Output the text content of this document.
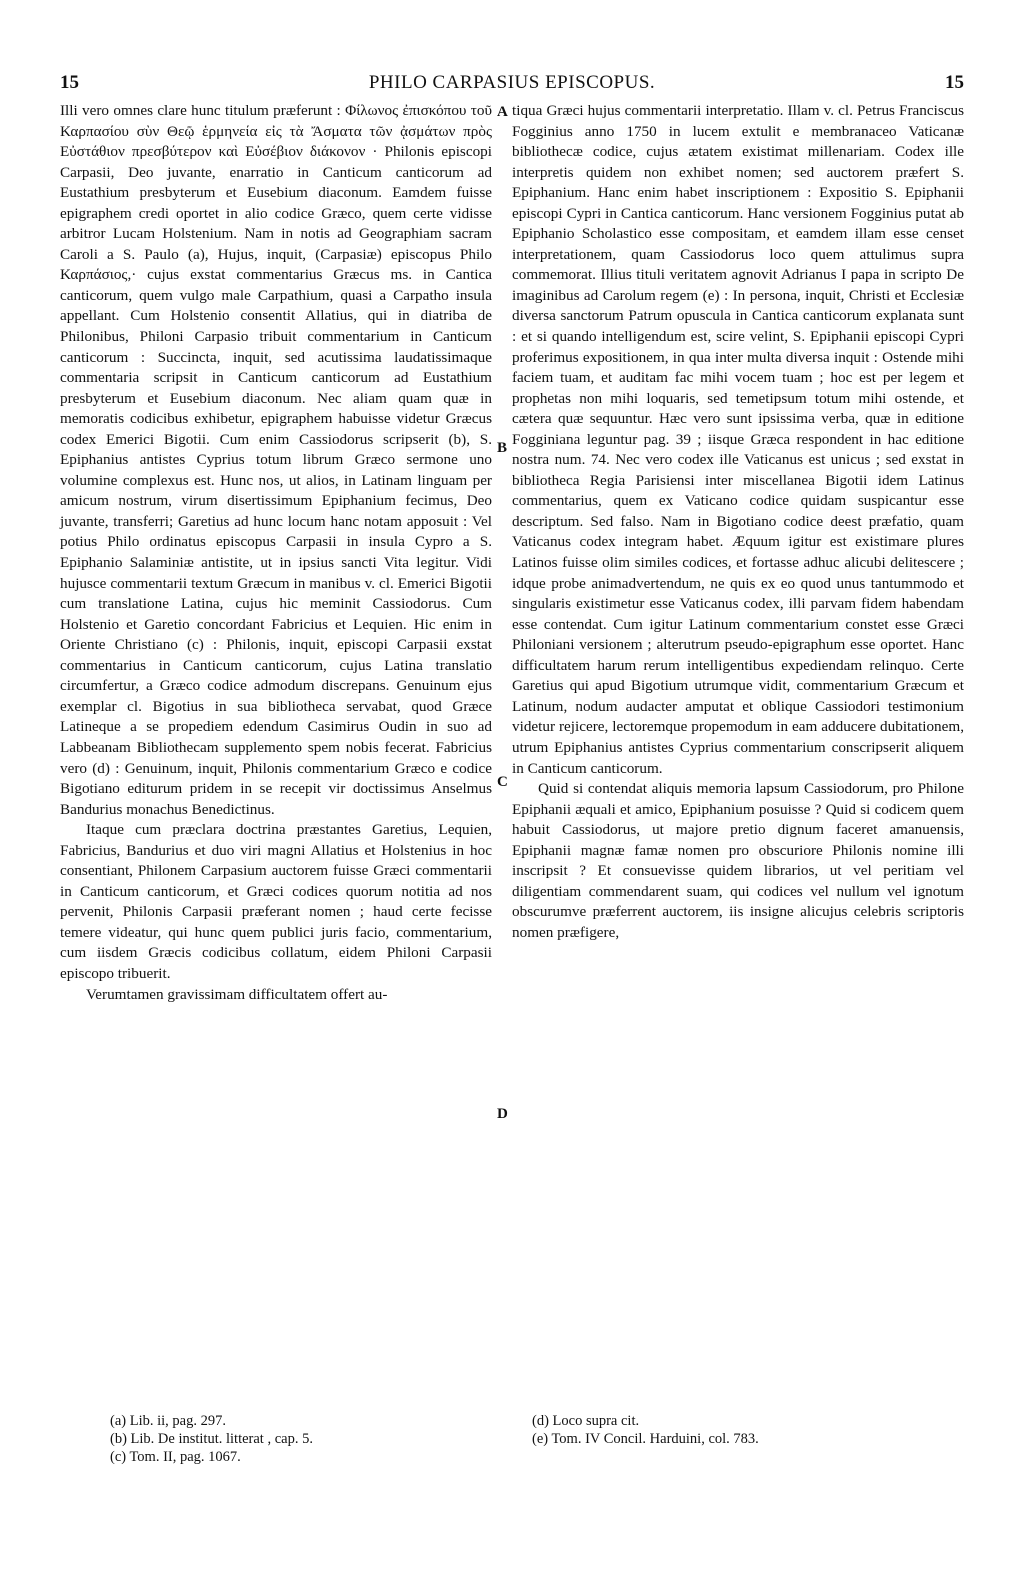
15	PHILO CARPASIUS EPISCOPUS.	15

Illi vero omnes clare hunc titulum præferunt : Φίλωνος ἐπισκόπου τοῦ Καρπασίου σὺν Θεῷ ἑρμηνεία εἰς τὰ Ἄσματα τῶν ᾀσμάτων πρὸς Εὐστάθιον πρεσβύτερον καὶ Εὐσέβιον διάκονον · Philonis episcopi Carpasii, Deo juvante, enarratio in Canticum canticorum ad Eustathium presbyterum et Eusebium diaconum. Eamdem fuisse epigraphem credi oportet in alio codice Græco, quem certe vidisse arbitror Lucam Holstenium. Nam in notis ad Geographiam sacram Caroli a S. Paulo (a), Hujus, inquit, (Carpasiæ) episcopus Philo Καρπάσιος,· cujus exstat commentarius Græcus ms. in Cantica canticorum, quem vulgo male Carpathium, quasi a Carpatho insula appellant. Cum Holstenio consentit Allatius, qui in diatriba de Philonibus, Philoni Carpasio tribuit commentarium in Canticum canticorum : Succincta, inquit, sed acutissima laudatissimaque commentaria scripsit in Canticum canticorum ad Eustathium presbyterum et Eusebium diaconum. Nec aliam quam quæ in memoratis codicibus exhibetur, epigraphem habuisse videtur Græcus codex Emerici Bigotii. Cum enim Cassiodorus scripserit (b), S. Epiphanius antistes Cyprius totum librum Græco sermone uno volumine complexus est. Hunc nos, ut alios, in Latinam linguam per amicum nostrum, virum disertissimum Epiphanium fecimus, Deo juvante, transferri; Garetius ad hunc locum hanc notam apposuit : Vel potius Philo ordinatus episcopus Carpasii in insula Cypro a S. Epiphanio Salaminiæ antistite, ut in ipsius sancti Vita legitur. Vidi hujusce commentarii textum Græcum in manibus v. cl. Emerici Bigotii cum translatione Latina, cujus hic meminit Cassiodorus. Cum Holstenio et Garetio concordant Fabricius et Lequien. Hic enim in Oriente Christiano (c) : Philonis, inquit, episcopi Carpasii exstat commentarius in Canticum canticorum, cujus Latina translatio circumfertur, a Græco codice admodum discrepans. Genuinum ejus exemplar cl. Bigotius in sua bibliotheca servabat, quod Græce Latineque a se propediem edendum Casimirus Oudin in suo ad Labbeanam Bibliothecam supplemento spem nobis fecerat. Fabricius vero (d) : Genuinum, inquit, Philonis commentarium Græco e codice Bigotiano editurum pridem in se recepit vir doctissimus Anselmus Bandurius monachus Benedictinus.

Itaque cum præclara doctrina præstantes Garetius, Lequien, Fabricius, Bandurius et duo viri magni Allatius et Holstenius in hoc consentiant, Philonem Carpasium auctorem fuisse Græci commentarii in Canticum canticorum, et Græci codices quorum notitia ad nos pervenit, Philonis Carpasii præferant nomen ; haud certe fecisse temere videatur, qui hunc quem publici juris facio, commentarium, cum iisdem Græcis codicibus collatum, eidem Philoni Carpasii episcopo tribuerit.

Verumtamen gravissimam difficultatem offert au-

tiqua Græci hujus commentarii interpretatio. Illam v. cl. Petrus Franciscus Fogginius anno 1750 in lucem extulit e membranaceo Vaticanæ bibliothecæ codice, cujus ætatem existimat millenariam. Codex ille interpretis quidem non exhibet nomen; sed auctorem præfert S. Epiphanium. Hanc enim habet inscriptionem : Expositio S. Epiphanii episcopi Cypri in Cantica canticorum. Hanc versionem Fogginius putat ab Epiphanio Scholastico esse compositam, et eamdem illam esse censet interpretationem, quam Cassiodorus loco quem attulimus supra commemorat. Illius tituli veritatem agnovit Adrianus I papa in scripto De imaginibus ad Carolum regem (e) : In persona, inquit, Christi et Ecclesiæ diversa sanctorum Patrum opuscula in Cantica canticorum explanata sunt : et si quando intelligendum est, scire velint, S. Epiphanii episcopi Cypri proferimus expositionem, in qua inter multa diversa inquit : Ostende mihi faciem tuam, et auditam fac mihi vocem tuam ; hoc est per legem et prophetas non mihi loquaris, sed temetipsum totum mihi ostende, et cætera quæ sequuntur. Hæc vero sunt ipsissima verba, quæ in editione Fogginiana leguntur pag. 39 ; iisque Græca respondent in hac editione nostra num. 74. Nec vero codex ille Vaticanus est unicus ; sed exstat in bibliotheca Regia Parisiensi inter miscellanea Bigotii idem Latinus commentarius, quem ex Vaticano codice quidam suspicantur esse descriptum. Sed falso. Nam in Bigotiano codice deest præfatio, quam Vaticanus codex integram habet. Æquum igitur est existimare plures Latinos fuisse olim similes codices, et fortasse adhuc alicubi delitescere ; idque probe animadvertendum, ne quis ex eo quod unus tantummodo et singularis existimetur esse Vaticanus codex, illi parvam fidem habendam esse contendat. Cum igitur Latinum commentarium constet esse Græci Philoniani versionem ; alterutrum pseudo-epigraphum esse oportet. Hanc difficultatem harum rerum intelligentibus expediendam relinquo. Certe Garetius qui apud Bigotium utrumque vidit, commentarium Græcum et Latinum, nodum audacter amputat et oblique Cassiodori testimonium videtur rejicere, lectoremque propemodum in eam adducere dubitationem, utrum Epiphanius antistes Cyprius commentarium conscripserit aliquem in Canticum canticorum.

Quid si contendat aliquis memoria lapsum Cassiodorum, pro Philone Epiphanii æquali et amico, Epiphanium posuisse ? Quid si codicem quem habuit Cassiodorus, ut majore pretio dignum faceret amanuensis, Epiphanii magnæ famæ nomen pro obscuriore Philonis nomine illi inscripsit ? Et consuevisse quidem librarios, ut vel peritiam vel diligentiam commendarent suam, qui codices vel nullum vel ignotum obscurumve præferrent auctorem, iis insigne alicujus celebris scriptoris nomen præfigere,

A
B
C
D
(a) Lib. ii, pag. 297.
(b) Lib. De institut. litterat , cap. 5.
(c) Tom. II, pag. 1067.
(d) Loco supra cit.
(e) Tom. IV Concil. Harduini, col. 783.
